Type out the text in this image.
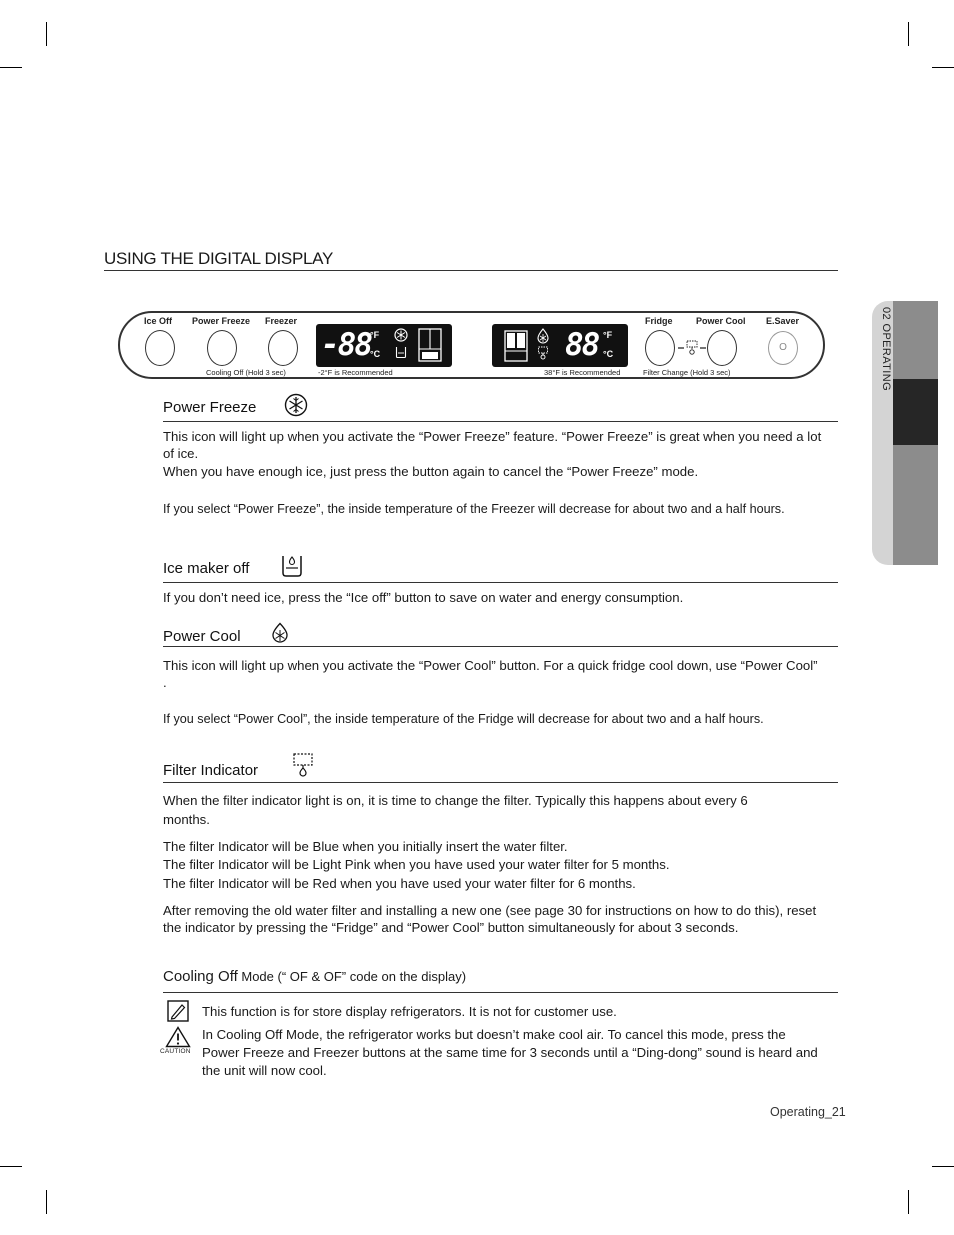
02 OPERATING
USING THE DIGITAL DISPLAY
Ice Off Power Freeze Freezer
Cooling Off (Hold 3 sec)
-88 °F
°C
-2°F is Recommended
88 °F
°C
38°F is Recommended
Fridge	Power Cool E.Saver
O
Filter Change (Hold 3 sec)
Power Freeze

This icon will light up when you activate the “Power Freeze” feature. “Power Freeze” is great when you need a lot of ice.

When you have enough ice, just press the button again to cancel the “Power Freeze” mode.

If you select “Power Freeze”, the inside temperature of the Freezer will decrease for about two and a half hours.

Ice maker off

If you don’t need ice, press the “Ice off” button to save on water and energy consumption.

Power Cool

This icon will light up when you activate the “Power Cool” button. For a quick fridge cool down, use “Power Cool” .

If you select “Power Cool”, the inside temperature of the Fridge will decrease for about two and a half hours.

Filter Indicator

When the filter indicator light is on, it is time to change the filter. Typically this happens about every 6 months.

The filter Indicator will be Blue when you initially insert the water filter.

The filter Indicator will be Light Pink when you have used your water filter for 5 months.

The filter Indicator will be Red when you have used your water filter for 6 months.

After removing the old water filter and installing a new one (see page 30 for instructions on how to do this), reset the indicator by pressing the “Fridge” and “Power Cool” button simultaneously for about 3 seconds.

Cooling Off Mode (“ OF & OF” code on the display)

This function is for store display refrigerators. It is not for customer use.

CAUTION

In Cooling Off Mode, the refrigerator works but doesn’t make cool air. To cancel this mode, press the Power Freeze and Freezer buttons at the same time for 3 seconds until a “Ding-dong” sound is heard and the unit will now cool.

Operating_21
